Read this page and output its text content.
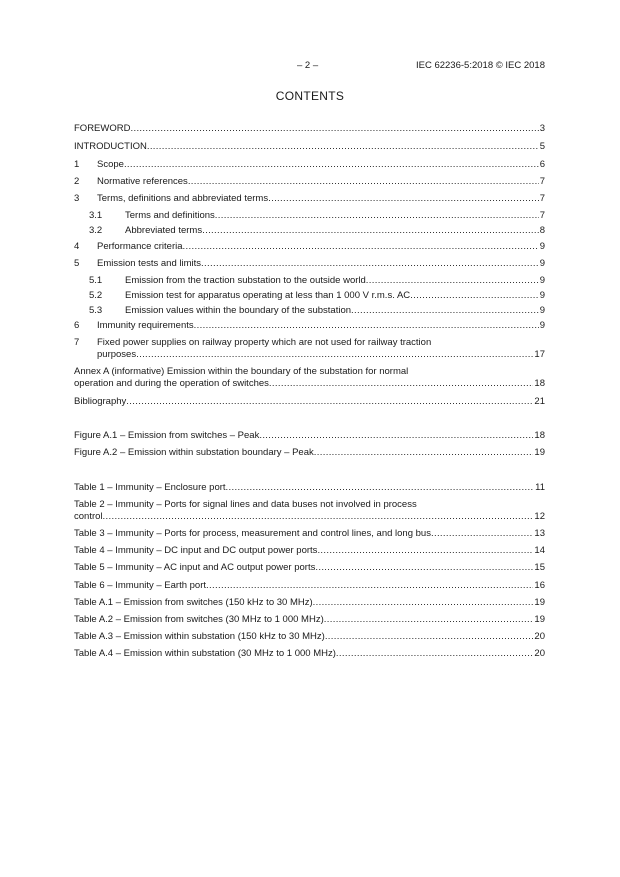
– 2 –	IEC 62236-5:2018 © IEC 2018
CONTENTS
FOREWORD .....	3
INTRODUCTION .....	5
1 Scope .....	6
2 Normative references .....	7
3 Terms, definitions and abbreviated terms .....	7
3.1 Terms and definitions .....	7
3.2 Abbreviated terms .....	8
4 Performance criteria .....	9
5 Emission tests and limits .....	9
5.1 Emission from the traction substation to the outside world .....	9
5.2 Emission test for apparatus operating at less than 1 000 V r.m.s. AC .....	9
5.3 Emission values within the boundary of the substation .....	9
6 Immunity requirements .....	9
7 Fixed power supplies on railway property which are not used for railway traction
purposes .....	17
Annex A (informative) Emission within the boundary of the substation for normal
operation and during the operation of switches .....	18
Bibliography .....	21
Figure A.1 – Emission from switches – Peak .....	18
Figure A.2 – Emission within substation boundary – Peak .....	19
Table 1 – Immunity – Enclosure port .....	11
Table 2 – Immunity – Ports for signal lines and data buses not involved in process
control .....	12
Table 3 – Immunity – Ports for process, measurement and control lines, and long bus .....	13
Table 4 – Immunity – DC input and DC output power ports .....	14
Table 5 – Immunity – AC input and AC output power ports .....	15
Table 6 – Immunity – Earth port .....	16
Table A.1 – Emission from switches (150 kHz to 30 MHz) .....	19
Table A.2 – Emission from switches (30 MHz to 1 000 MHz) .....	19
Table A.3 – Emission within substation (150 kHz to 30 MHz) .....	20
Table A.4 – Emission within substation (30 MHz to 1 000 MHz) .....	20
